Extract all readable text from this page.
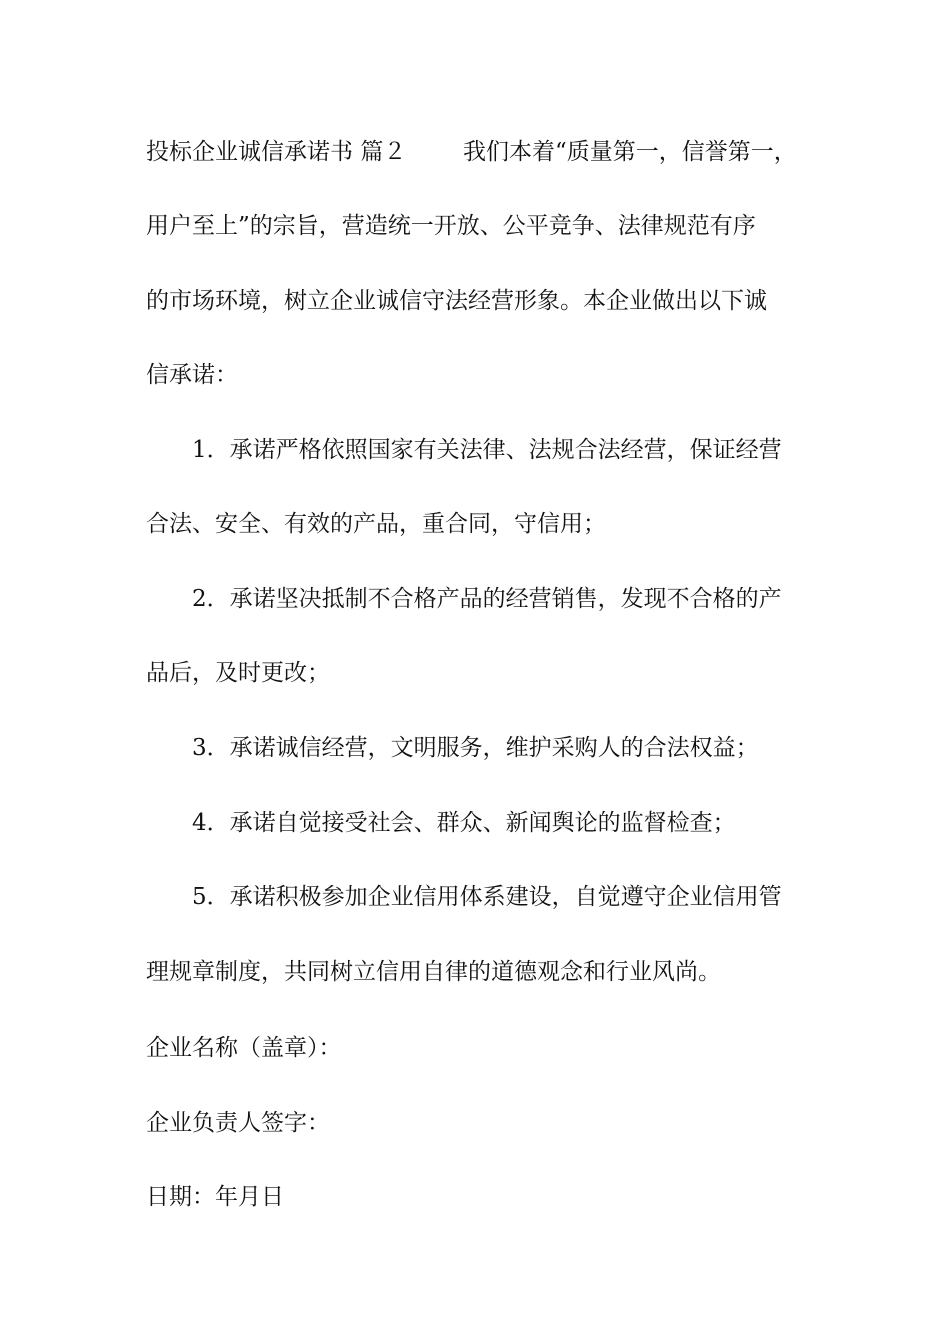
投标企业诚信承诺书 篇２ 我们本着“质量第一，信誉第一，
用户至上”的宗旨，营造统一开放、公平竞争、法律规范有序
的市场环境，树立企业诚信守法经营形象。本企业做出以下诚
信承诺：
1．承诺严格依照国家有关法律、法规合法经营，保证经营
合法、安全、有效的产品，重合同，守信用；
2．承诺坚决抵制不合格产品的经营销售，发现不合格的产
品后，及时更改；
3．承诺诚信经营，文明服务，维护采购人的合法权益；
4．承诺自觉接受社会、群众、新闻舆论的监督检查；
5．承诺积极参加企业信用体系建设，自觉遵守企业信用管
理规章制度，共同树立信用自律的道德观念和行业风尚。
企业名称（盖章）：
企业负责人签字：
日期：年月日
